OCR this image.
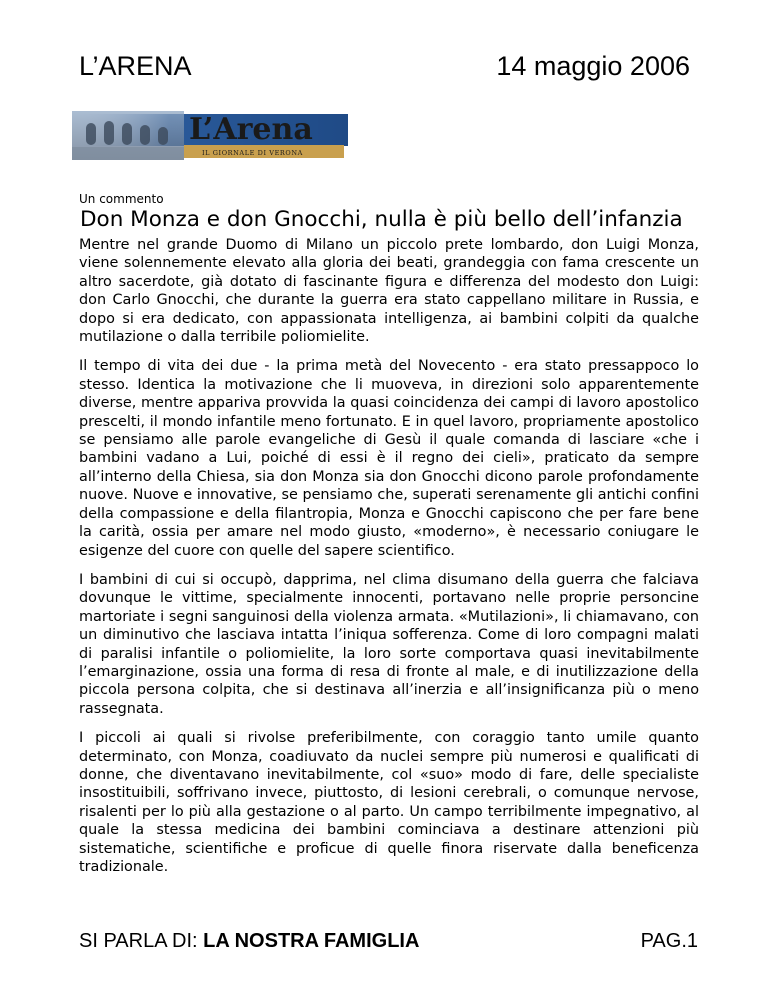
L’ARENA	14 maggio 2006
L’Arena
IL GIORNALE DI VERONA
Un commento
Don Monza e don Gnocchi, nulla è più bello dell’infanzia

Mentre nel grande Duomo di Milano un piccolo prete lombardo, don Luigi Monza, viene solennemente elevato alla gloria dei beati, grandeggia con fama crescente un altro sacerdote, già dotato di fascinante figura e differenza del modesto don Luigi: don Carlo Gnocchi, che durante la guerra era stato cappellano militare in Russia, e dopo si era dedicato, con appassionata intelligenza, ai bambini colpiti da qualche mutilazione o dalla terribile poliomielite.

Il tempo di vita dei due - la prima metà del Novecento - era stato pressappoco lo stesso. Identica la motivazione che li muoveva, in direzioni solo apparentemente diverse, mentre appariva provvida la quasi coincidenza dei campi di lavoro apostolico prescelti, il mondo infantile meno fortunato. E in quel lavoro, propriamente apostolico se pensiamo alle parole evangeliche di Gesù il quale comanda di lasciare «che i bambini vadano a Lui, poiché di essi è il regno dei cieli», praticato da sempre all’interno della Chiesa, sia don Monza sia don Gnocchi dicono parole profondamente nuove. Nuove e innovative, se pensiamo che, superati serenamente gli antichi confini della compassione e della filantropia, Monza e Gnocchi capiscono che per fare bene la carità, ossia per amare nel modo giusto, «moderno», è necessario coniugare le esigenze del cuore con quelle del sapere scientifico.

I bambini di cui si occupò, dapprima, nel clima disumano della guerra che falciava dovunque le vittime, specialmente innocenti, portavano nelle proprie personcine martoriate i segni sanguinosi della violenza armata. «Mutilazioni», li chiamavano, con un diminutivo che lasciava intatta l’iniqua sofferenza. Come di loro compagni malati di paralisi infantile o poliomielite, la loro sorte comportava quasi inevitabilmente l’emarginazione, ossia una forma di resa di fronte al male, e di inutilizzazione della piccola persona colpita, che si destinava all’inerzia e all’insignificanza più o meno rassegnata.

I piccoli ai quali si rivolse preferibilmente, con coraggio tanto umile quanto determinato, con Monza, coadiuvato da nuclei sempre più numerosi e qualificati di donne, che diventavano inevitabilmente, col «suo» modo di fare, delle specialiste insostituibili, soffrivano invece, piuttosto, di lesioni cerebrali, o comunque nervose, risalenti per lo più alla gestazione o al parto. Un campo terribilmente impegnativo, al quale la stessa medicina dei bambini cominciava a destinare attenzioni più sistematiche, scientifiche e proficue di quelle finora riservate dalla beneficenza tradizionale.

SI PARLA DI: LA NOSTRA FAMIGLIA	PAG.1
